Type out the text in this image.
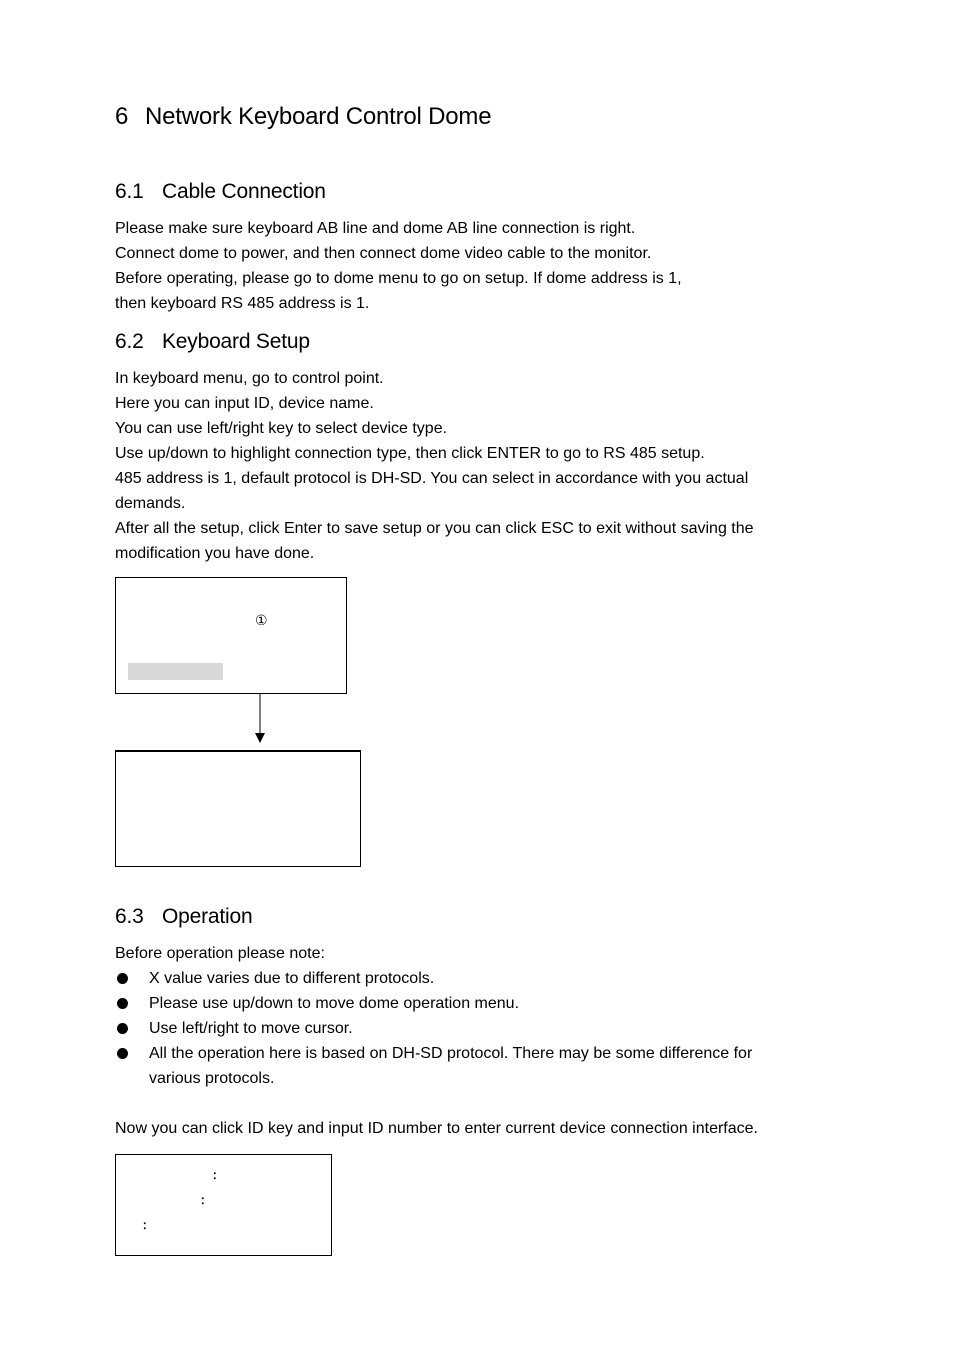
6 Network Keyboard Control Dome
6.1 Cable Connection
Please make sure keyboard AB line and dome AB line connection is right.
Connect dome to power, and then connect dome video cable to the monitor.
Before operating, please go to dome menu to go on setup. If dome address is 1,
then keyboard RS 485 address is 1.
6.2 Keyboard Setup
In keyboard menu, go to control point.
Here you can input ID, device name.
You can use left/right key to select device type.
Use up/down to highlight connection type, then click ENTER to go to RS 485 setup.
485 address is 1, default protocol is DH-SD. You can select in accordance with you actual
demands.
After all the setup, click Enter to save setup or you can click ESC to exit without saving the
modification you have done.
①
6.3 Operation
Before operation please note:
X value varies due to different protocols.
Please use up/down to move dome operation menu.
Use left/right to move cursor.
All the operation here is based on DH-SD protocol. There may be some difference for
various protocols.
Now you can click ID key and input ID number to enter current device connection interface.
：
：
：
